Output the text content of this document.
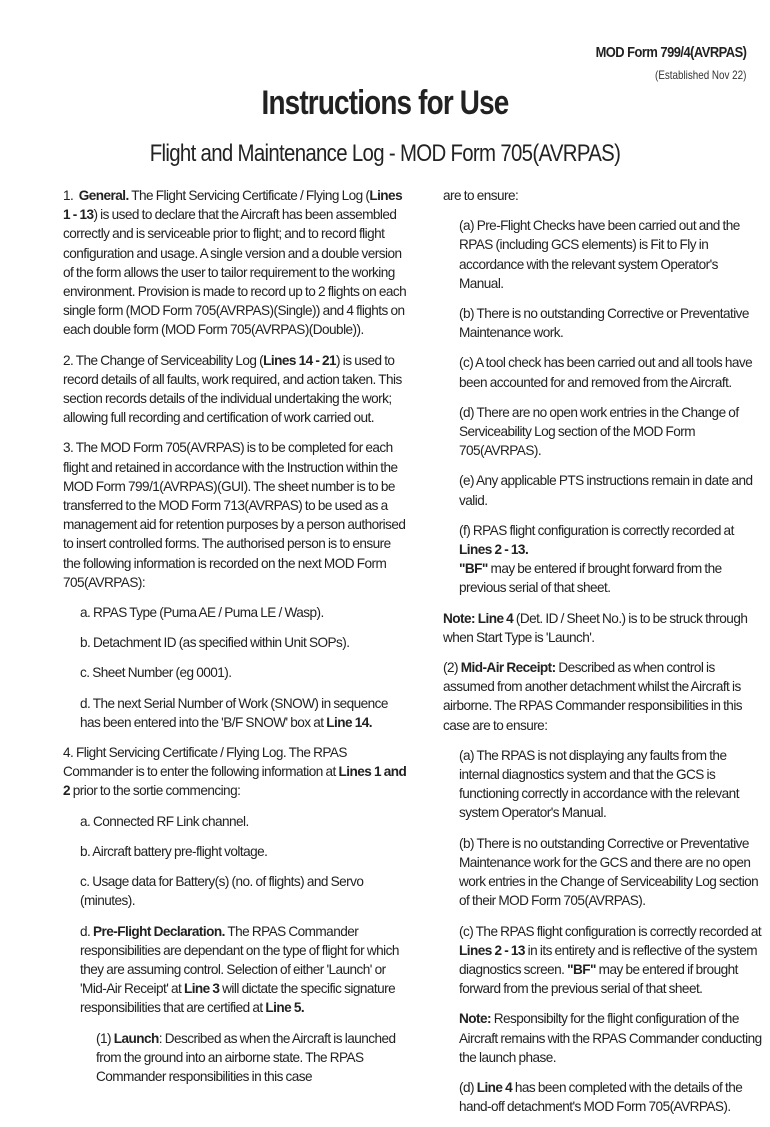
MOD Form 799/4(AVRPAS)
(Established Nov 22)
Instructions for Use
Flight and Maintenance Log - MOD Form 705(AVRPAS)

1. General. The Flight Servicing Certificate / Flying Log (Lines 1 - 13) is used to declare that the Aircraft has been assembled correctly and is serviceable prior to flight; and to record flight configuration and usage. A single version and a double version of the form allows the user to tailor requirement to the working environment. Provision is made to record up to 2 flights on each single form (MOD Form 705(AVRPAS)(Single)) and 4 flights on each double form (MOD Form 705(AVRPAS)(Double)).

2. The Change of Serviceability Log (Lines 14 - 21) is used to record details of all faults, work required, and action taken. This section records details of the individual undertaking the work; allowing full recording and certification of work carried out.

3. The MOD Form 705(AVRPAS) is to be completed for each flight and retained in accordance with the Instruction within the MOD Form 799/1(AVRPAS)(GUI). The sheet number is to be transferred to the MOD Form 713(AVRPAS) to be used as a management aid for retention purposes by a person authorised to insert controlled forms. The authorised person is to ensure the following information is recorded on the next MOD Form 705(AVRPAS):

a. RPAS Type (Puma AE / Puma LE / Wasp).

b. Detachment ID (as specified within Unit SOPs).

c. Sheet Number (eg 0001).

d. The next Serial Number of Work (SNOW) in sequence has been entered into the 'B/F SNOW' box at Line 14.

4. Flight Servicing Certificate / Flying Log. The RPAS Commander is to enter the following information at Lines 1 and 2 prior to the sortie commencing:

a. Connected RF Link channel.

b. Aircraft battery pre-flight voltage.

c. Usage data for Battery(s) (no. of flights) and Servo (minutes).

d. Pre-Flight Declaration. The RPAS Commander responsibilities are dependant on the type of flight for which they are assuming control. Selection of either 'Launch' or 'Mid-Air Receipt' at Line 3 will dictate the specific signature responsibilities that are certified at Line 5.

(1) Launch: Described as when the Aircraft is launched from the ground into an airborne state. The RPAS Commander responsibilities in this case

are to ensure:

(a) Pre-Flight Checks have been carried out and the RPAS (including GCS elements) is Fit to Fly in accordance with the relevant system Operator's Manual.

(b) There is no outstanding Corrective or Preventative Maintenance work.

(c) A tool check has been carried out and all tools have been accounted for and removed from the Aircraft.

(d) There are no open work entries in the Change of Serviceability Log section of the MOD Form 705(AVRPAS).

(e) Any applicable PTS instructions remain in date and valid.

(f) RPAS flight configuration is correctly recorded at Lines 2 - 13.
"BF" may be entered if brought forward from the previous serial of that sheet.

Note: Line 4 (Det. ID / Sheet No.) is to be struck through when Start Type is 'Launch'.

(2) Mid-Air Receipt: Described as when control is assumed from another detachment whilst the Aircraft is airborne. The RPAS Commander responsibilities in this case are to ensure:

(a) The RPAS is not displaying any faults from the internal diagnostics system and that the GCS is functioning correctly in accordance with the relevant system Operator's Manual.

(b) There is no outstanding Corrective or Preventative Maintenance work for the GCS and there are no open work entries in the Change of Serviceability Log section of their MOD Form 705(AVRPAS).

(c) The RPAS flight configuration is correctly recorded at Lines 2 - 13 in its entirety and is reflective of the system diagnostics screen. "BF" may be entered if brought forward from the previous serial of that sheet.

Note: Responsibilty for the flight configuration of the Aircraft remains with the RPAS Commander conducting the launch phase.

(d) Line 4 has been completed with the details of the hand-off detachment's MOD Form 705(AVRPAS).
